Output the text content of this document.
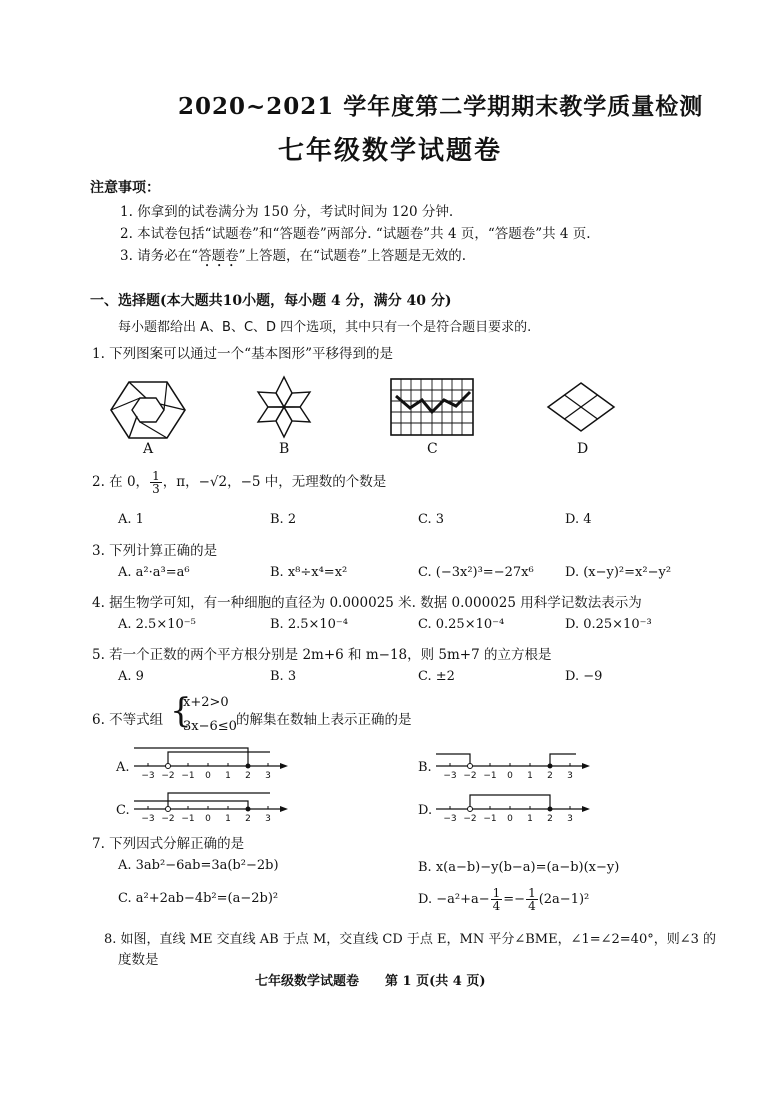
2020~2021 学年度第二学期期末教学质量检测
七年级数学试题卷
注意事项：
1. 你拿到的试卷满分为 150 分，考试时间为 120 分钟.
2. 本试卷包括“试题卷”和“答题卷”两部分. “试题卷”共 4 页，“答题卷”共 4 页.
3. 请务必在“答题卷”上答题，在“试题卷”上答题是无效的.
•••
一、选择题(本大题共10小题，每小题 4 分，满分 40 分)
每小题都给出 A、B、C、D 四个选项，其中只有一个是符合题目要求的.
1. 下列图案可以通过一个“基本图形”平移得到的是
A	B	C	D
2. 在 0， $\frac{1}{3}$ ，π，−√2，−5 中，无理数的个数是
A. 1	B. 2	C. 3	D. 4
3. 下列计算正确的是
A. a²·a³=a⁶	B. x⁸÷x⁴=x²	C. (−3x²)³=−27x⁶ D. (x−y)²=x²−y²
4. 据生物学可知，有一种细胞的直径为 0.000025 米. 数据 0.000025 用科学记数法表示为
A. 2.5×10⁻⁵	B. 2.5×10⁻⁴	C. 0.25×10⁻⁴	D. 0.25×10⁻³
5. 若一个正数的两个平方根分别是 2m+6 和 m−18，则 5m+7 的立方根是
A. 9	B. 3	C. ±2	D. −9
6. 不等式组 {
x+2>0
3x−6≤0 的解集在数轴上表示正确的是
A.	B.
C.	D.
−3 −2 −1 0 1 2 3	−3 −2 −1 0 1 2 3
−3 −2 −1 0 1 2 3	−3 −2 −1 0 1 2 3
7. 下列因式分解正确的是
A. 3ab²−6ab=3a(b²−2b)	B. x(a−b)−y(b−a)=(a−b)(x−y)
C. a²+2ab−4b²=(a−2b)²	D. $-a^2+a- \frac{1}{4} =- \frac{1}{4} (2a-1)^2$
8. 如图，直线 ME 交直线 AB 于点 M，交直线 CD 于点 E，MN 平分∠BME，∠1=∠2=40°，则∠3 的
度数是
七年级数学试题卷　　第 1 页(共 4 页)
